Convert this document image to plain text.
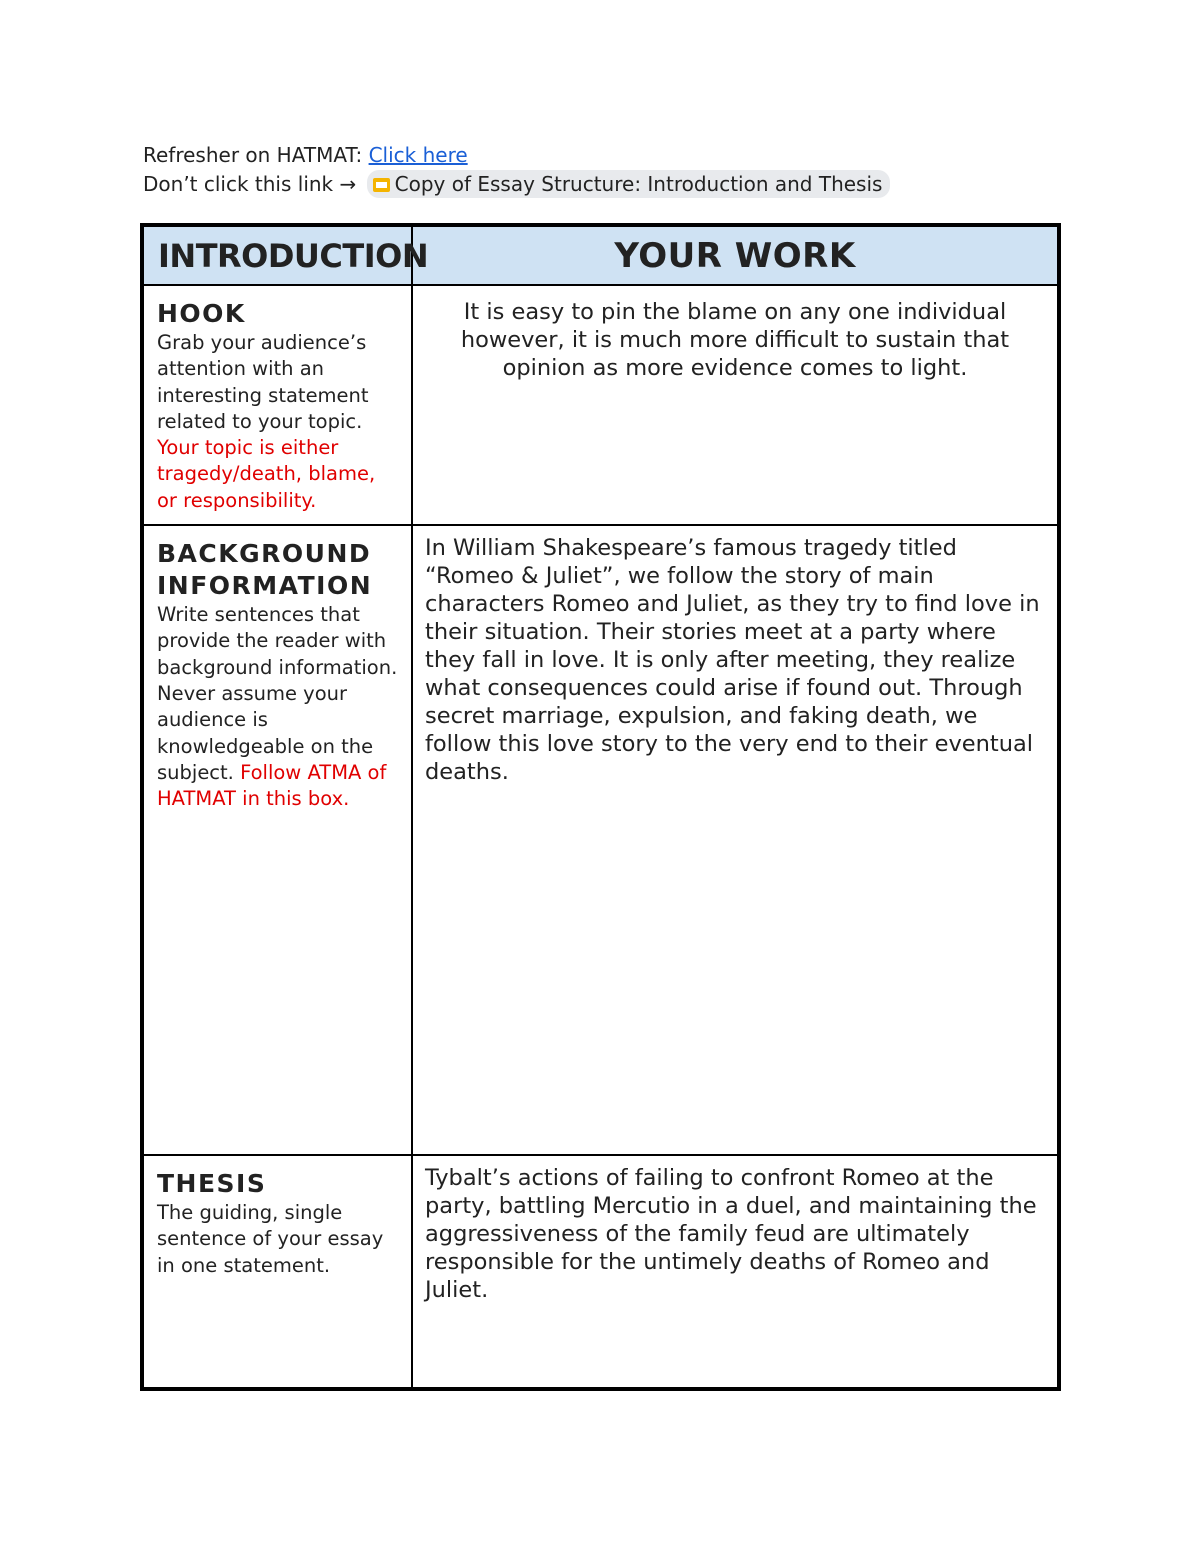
Refresher on HATMAT: Click here
Don’t click this link → Copy of Essay Structure: Introduction and Thesis
INTRODUCTION	YOUR WORK

HOOK
Grab your audience’s attention with an interesting statement related to your topic. Your topic is either tragedy/death, blame, or responsibility.	It is easy to pin the blame on any one individual however, it is much more difficult to sustain that opinion as more evidence comes to light.

BACKGROUND INFORMATION
Write sentences that provide the reader with background information. Never assume your audience is knowledgeable on the subject. Follow ATMA of HATMAT in this box.	In William Shakespeare’s famous tragedy titled “Romeo & Juliet”, we follow the story of main characters Romeo and Juliet, as they try to find love in their situation. Their stories meet at a party where they fall in love. It is only after meeting, they realize what consequences could arise if found out. Through secret marriage, expulsion, and faking death, we follow this love story to the very end to their eventual deaths.

THESIS
The guiding, single sentence of your essay in one statement.	Tybalt’s actions of failing to confront Romeo at the party, battling Mercutio in a duel, and maintaining the aggressiveness of the family feud are ultimately responsible for the untimely deaths of Romeo and Juliet.
